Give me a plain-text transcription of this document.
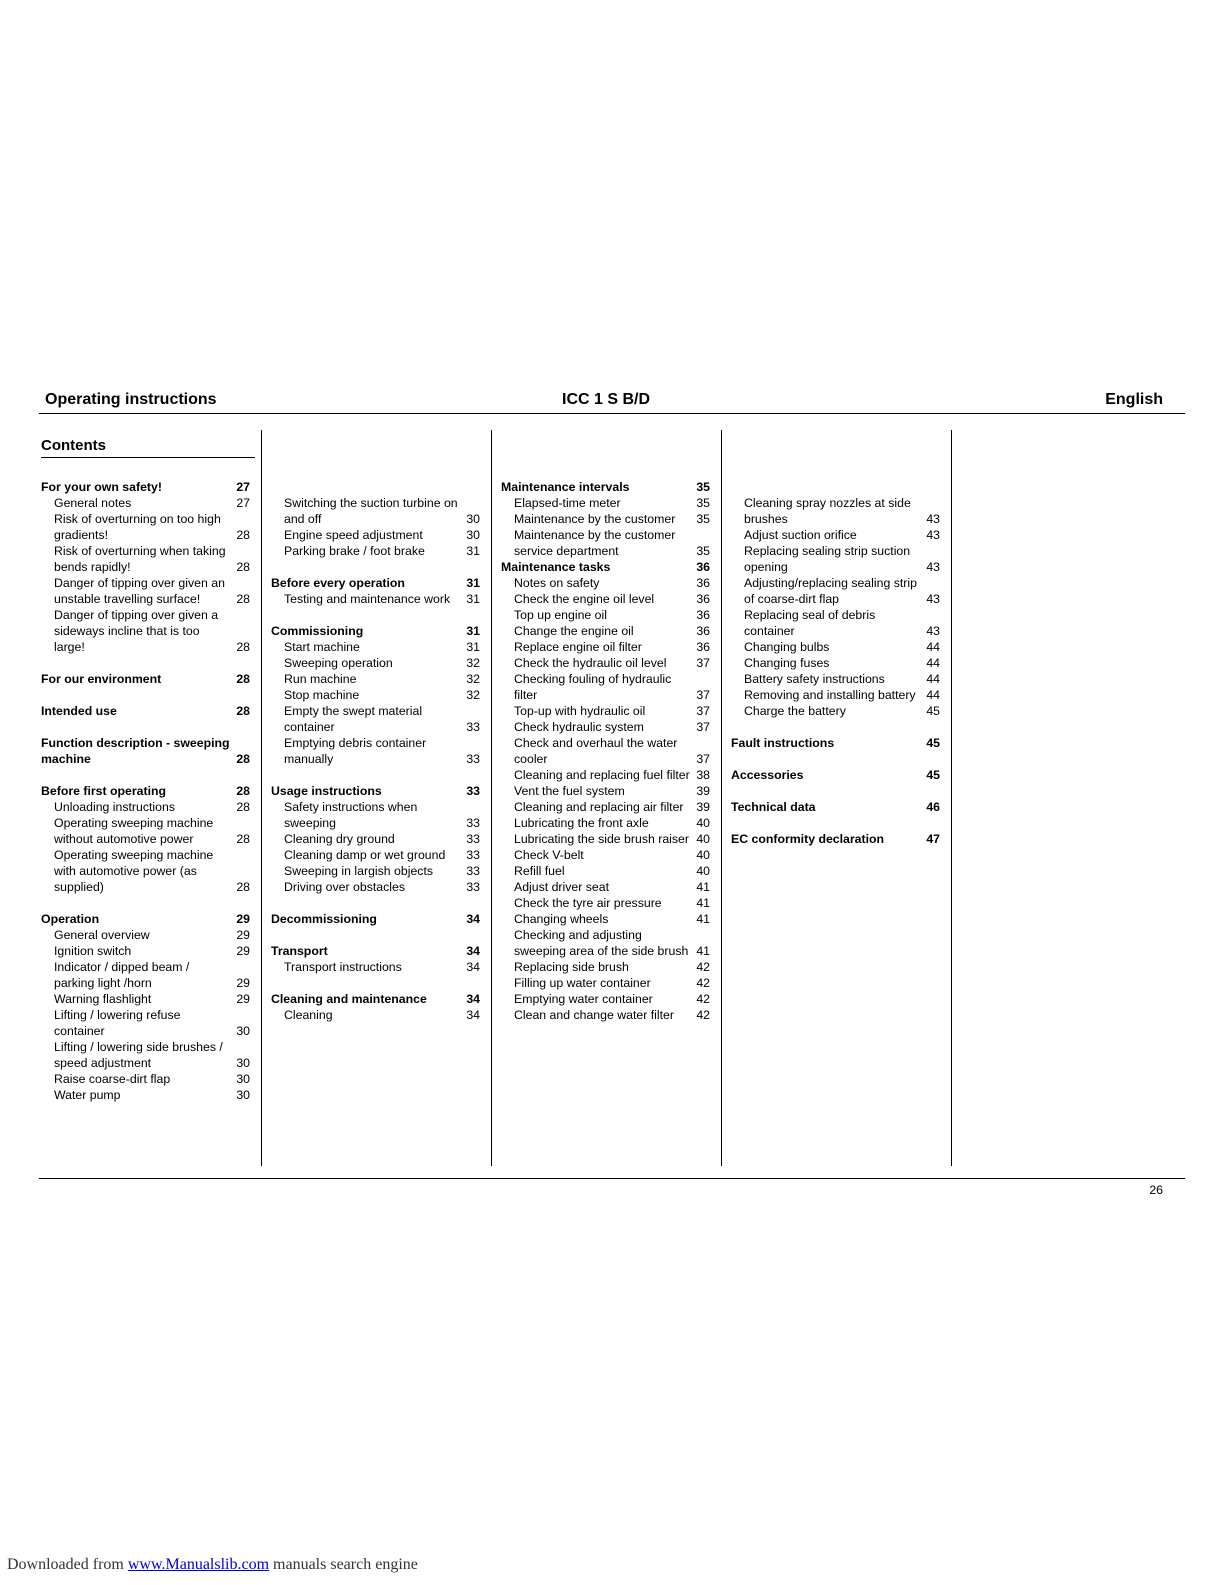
Operating instructions	ICC 1 S B/D	English
Contents
For your own safety!	27
General notes	27
Risk of overturning on too high gradients!	28
Risk of overturning when taking bends rapidly!	28
Danger of tipping over given an unstable travelling surface!	28
Danger of tipping over given a sideways incline that is too large!	28
For our environment	28
Intended use	28
Function description - sweeping machine	28
Before first operating	28
Unloading instructions	28
Operating sweeping machine without automotive power	28
Operating sweeping machine with automotive power (as supplied)	28
Operation	29
General overview	29
Ignition switch	29
Indicator / dipped beam / parking light /horn	29
Warning flashlight	29
Lifting / lowering refuse container	30
Lifting / lowering side brushes / speed adjustment	30
Raise coarse-dirt flap	30
Water pump	30
Switching the suction turbine on and off	30
Engine speed adjustment	30
Parking brake / foot brake	31
Before every operation	31
Testing and maintenance work	31
Commissioning	31
Start machine	31
Sweeping operation	32
Run machine	32
Stop machine	32
Empty the swept material container	33
Emptying debris container manually	33
Usage instructions	33
Safety instructions when sweeping	33
Cleaning dry ground	33
Cleaning damp or wet ground	33
Sweeping in largish objects	33
Driving over obstacles	33
Decommissioning	34
Transport	34
Transport instructions	34
Cleaning and maintenance	34
Cleaning	34
Maintenance intervals	35
Elapsed-time meter	35
Maintenance by the customer	35
Maintenance by the customer service department	35
Maintenance tasks	36
Notes on safety	36
Check the engine oil level	36
Top up engine oil	36
Change the engine oil	36
Replace engine oil filter	36
Check the hydraulic oil level	37
Checking fouling of hydraulic filter	37
Top-up with hydraulic oil	37
Check hydraulic system	37
Check and overhaul the water cooler	37
Cleaning and replacing fuel filter 38
Vent the fuel system	39
Cleaning and replacing air filter	39
Lubricating the front axle	40
Lubricating the side brush raiser 40
Check V-belt	40
Refill fuel	40
Adjust driver seat	41
Check the tyre air pressure	41
Changing wheels	41
Checking and adjusting sweeping area of the side brush 41
Replacing side brush	42
Filling up water container	42
Emptying water container	42
Clean and change water filter	42
Cleaning spray nozzles at side brushes	43
Adjust suction orifice	43
Replacing sealing strip suction opening	43
Adjusting/replacing sealing strip of coarse-dirt flap	43
Replacing seal of debris container	43
Changing bulbs	44
Changing fuses	44
Battery safety instructions	44
Removing and installing battery 44
Charge the battery	45
Fault instructions	45
Accessories	45
Technical data	46
EC conformity declaration	47
26
Downloaded from www.Manualslib.com manuals search engine
